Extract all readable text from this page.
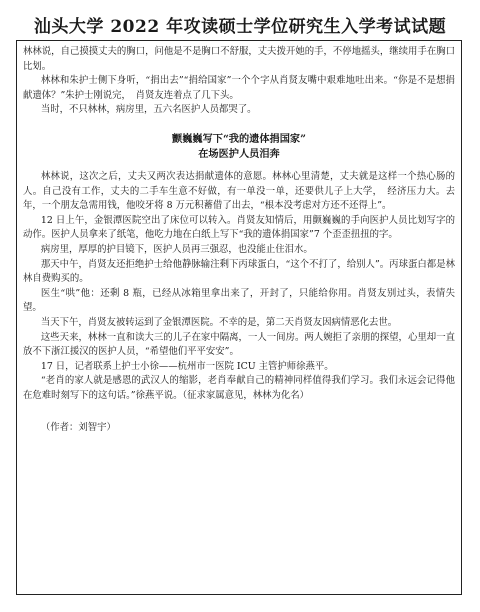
汕头大学 2022 年攻读硕士学位研究生入学考试试题

林林说，自己摸摸丈夫的胸口，问他是不是胸口不舒服，丈夫拨开她的手，不停地摇头，继续用手在胸口比划。

林林和朱护士侧下身听，“捐出去”“捐给国家”一个个字从肖贤友嘴中艰难地吐出来。“你是不是想捐献遗体？”朱护士刚说完，　肖贤友连着点了几下头。

当时，不只林林，病房里，五六名医护人员都哭了。

颤巍巍写下“我的遗体捐国家”
在场医护人员泪奔

林林说，这次之后，丈夫又两次表达捐献遗体的意愿。林林心里清楚，丈夫就是这样一个热心肠的人。自己没有工作，丈夫的二手车生意不好做，有一单没一单，还要供儿子上大学，　经济压力大。去年，一个朋友急需用钱，他咬牙将 8 万元积蓄借了出去，“根本没考虑对方还不还得上”。

12 日上午，金银潭医院空出了床位可以转入。肖贤友知情后，用颤巍巍的手向医护人员比划写字的动作。医护人员拿来了纸笔，他吃力地在白纸上写下“我的遗体捐国家”7 个歪歪扭扭的字。

病房里，厚厚的护目镜下，医护人员再三强忍，也没能止住泪水。

那天中午，肖贤友还拒绝护士给他静脉输注剩下丙球蛋白，“这个不打了，给别人”。丙球蛋白都是林林自费购买的。

医生“哄”他：还剩 8 瓶，已经从冰箱里拿出来了，开封了，只能给你用。肖贤友别过头，表情失望。

当天下午，肖贤友被转运到了金银潭医院。不幸的是，第二天肖贤友因病情恶化去世。

这些天来，林林一直和读大三的儿子在家中隔离，一人一间房。两人婉拒了亲朋的探望，心里却一直放不下浙江援汉的医护人员，“希望他们平平安安”。

17 日，记者联系上护士小徐——杭州市一医院 ICU 主管护师徐燕平。

“老肖的家人就是感恩的武汉人的缩影，老肖奉献自己的精神同样值得我们学习。我们永远会记得他在危难时刻写下的这句话。”徐燕平说。（征求家属意见，林林为化名）

（作者：刘智宇）
